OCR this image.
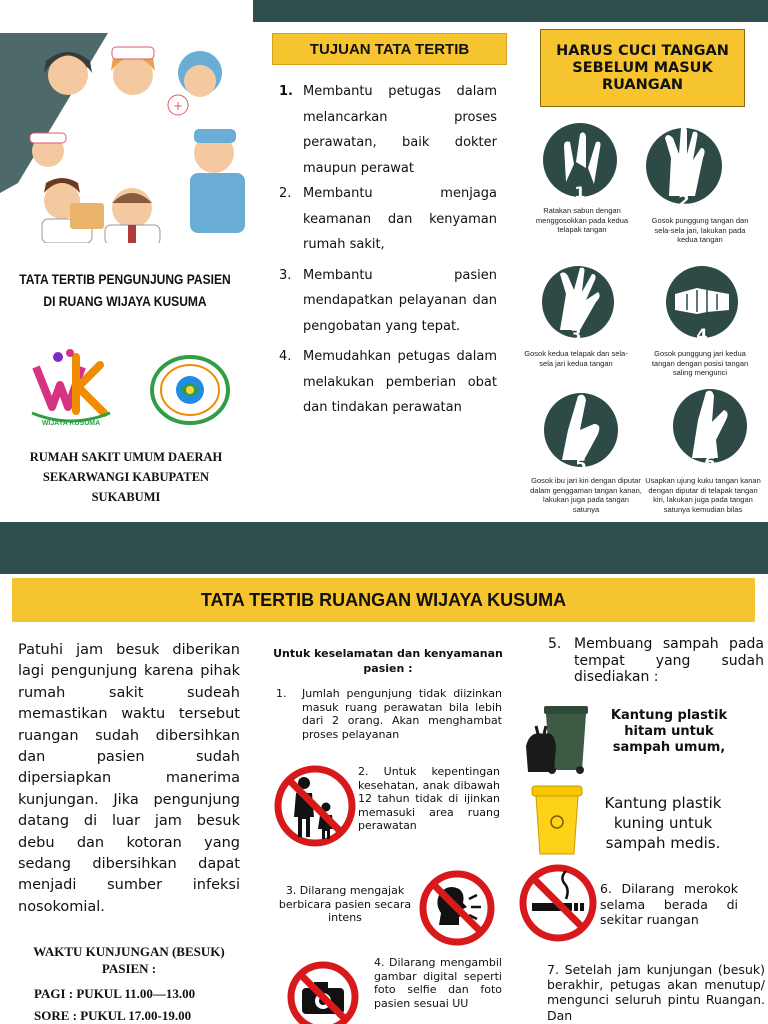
+
TATA TERTIB PENGUNJUNG PASIEN
DI RUANG WIJAYA KUSUMA
WIJAYA KUSUMA
RUMAH SAKIT UMUM DAERAH
SEKARWANGI KABUPATEN
SUKABUMI
TUJUAN TATA TERTIB
1. Membantu petugas dalam melancarkan proses perawatan, baik dokter maupun perawat
2. Membantu menjaga keamanan dan kenyaman rumah sakit,
3. Membantu pasien mendapatkan pelayanan dan pengobatan yang tepat.
4. Memudahkan petugas dalam melakukan pemberian obat dan tindakan perawatan
HARUS CUCI TANGAN SEBELUM MASUK RUANGAN
1
Ratakan sabun dengan menggosokkan pada kedua telapak tangan
2
Gosok punggung tangan dan sela-sela jari, lakukan pada kedua tangan
3
Gosok kedua telapak dan sela-sela jari kedua tangan
4
Gosok punggung jari kedua tangan dengan posisi tangan saling mengunci
5
Gosok ibu jari kiri dengan diputar dalam genggaman tangan kanan, lakukan juga pada tangan satunya
6
Usapkan ujung kuku tangan kanan dengan diputar di telapak tangan kiri, lakukan juga pada tangan satunya kemudian bilas
TATA TERTIB RUANGAN WIJAYA KUSUMA
Patuhi jam besuk diberikan lagi pengunjung karena pihak rumah sakit sudeah memastikan waktu tersebut ruangan sudah dibersihkan dan pasien sudah dipersiapkan manerima kunjungan. Jika pengunjung datang di luar jam besuk debu dan kotoran yang sedang dibersihkan dapat menjadi sumber infeksi nosokomial.
WAKTU KUNJUNGAN (BESUK)
PASIEN :
PAGI : PUKUL 11.00—13.00
SORE : PUKUL 17.00-19.00
Untuk keselamatan dan kenyamanan pasien :
1.	Jumlah pengunjung tidak diizinkan masuk ruang perawatan bila lebih dari 2 orang. Akan menghambat proses pelayanan
2. Untuk kepentingan kesehatan, anak dibawah 12 tahun tidak di ijinkan memasuki area ruang perawatan
3. Dilarang mengajak berbicara pasien secara intens
4. Dilarang mengambil gambar digital seperti foto selfie dan foto pasien sesuai UU
5. Membuang sampah pada tempat yang sudah disediakan :
Kantung plastik hitam untuk sampah umum,
Kantung plastik kuning untuk sampah medis.
6. Dilarang merokok selama berada di sekitar ruangan
7. Setelah jam kunjungan (besuk) berakhir, petugas akan menutup/ mengunci seluruh pintu Ruangan. Dan
